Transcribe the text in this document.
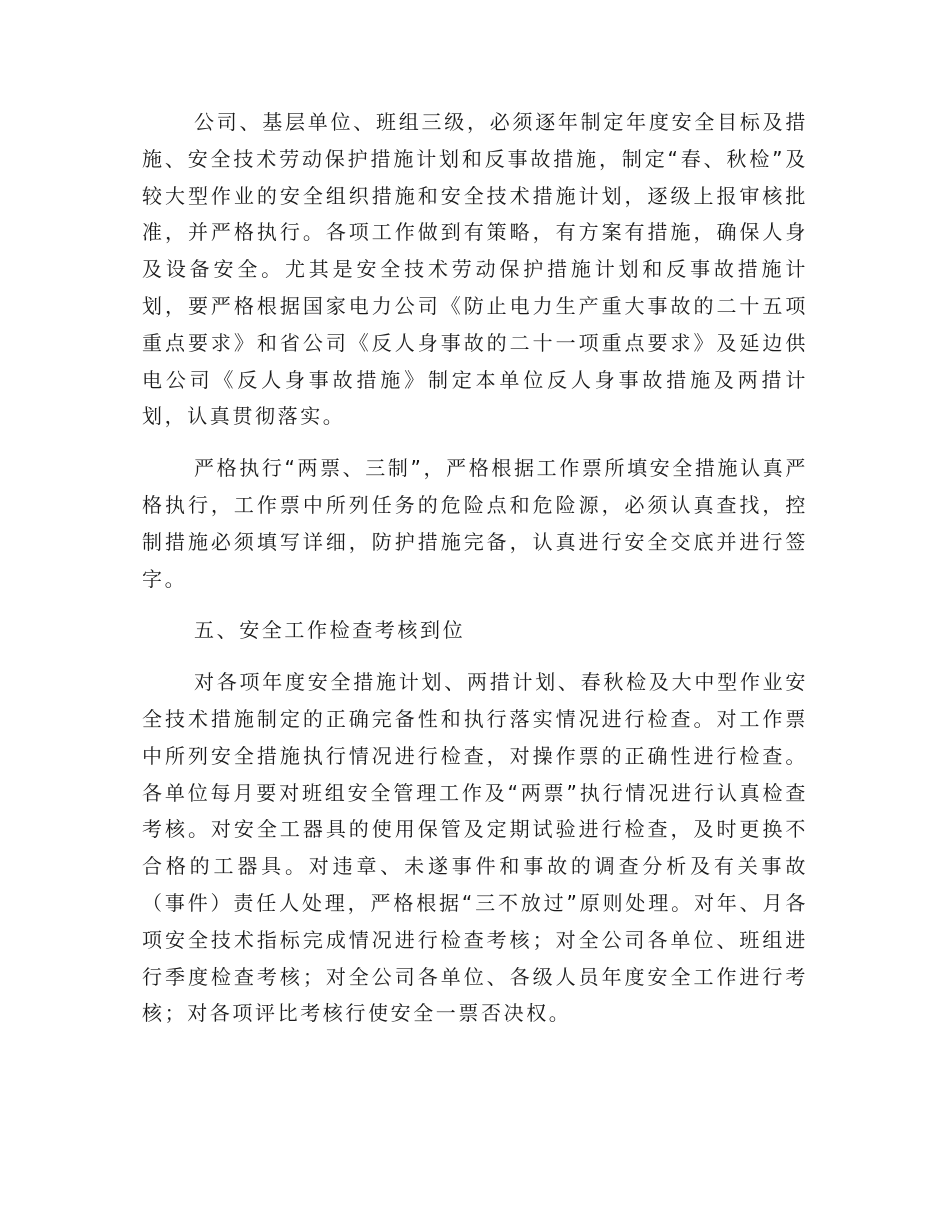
公司、基层单位、班组三级，必须逐年制定年度安全目标及措施、安全技术劳动保护措施计划和反事故措施，制定“春、秋检”及较大型作业的安全组织措施和安全技术措施计划，逐级上报审核批准，并严格执行。各项工作做到有策略，有方案有措施，确保人身及设备安全。尤其是安全技术劳动保护措施计划和反事故措施计划，要严格根据国家电力公司《防止电力生产重大事故的二十五项重点要求》和省公司《反人身事故的二十一项重点要求》及延边供电公司《反人身事故措施》制定本单位反人身事故措施及两措计划，认真贯彻落实。

严格执行“两票、三制”，严格根据工作票所填安全措施认真严格执行，工作票中所列任务的危险点和危险源，必须认真查找，控制措施必须填写详细，防护措施完备，认真进行安全交底并进行签字。

五、安全工作检查考核到位

对各项年度安全措施计划、两措计划、春秋检及大中型作业安全技术措施制定的正确完备性和执行落实情况进行检查。对工作票中所列安全措施执行情况进行检查，对操作票的正确性进行检查。各单位每月要对班组安全管理工作及“两票”执行情况进行认真检查考核。对安全工器具的使用保管及定期试验进行检查，及时更换不合格的工器具。对违章、未遂事件和事故的调查分析及有关事故（事件）责任人处理，严格根据“三不放过”原则处理。对年、月各项安全技术指标完成情况进行检查考核；对全公司各单位、班组进行季度检查考核；对全公司各单位、各级人员年度安全工作进行考核；对各项评比考核行使安全一票否决权。
